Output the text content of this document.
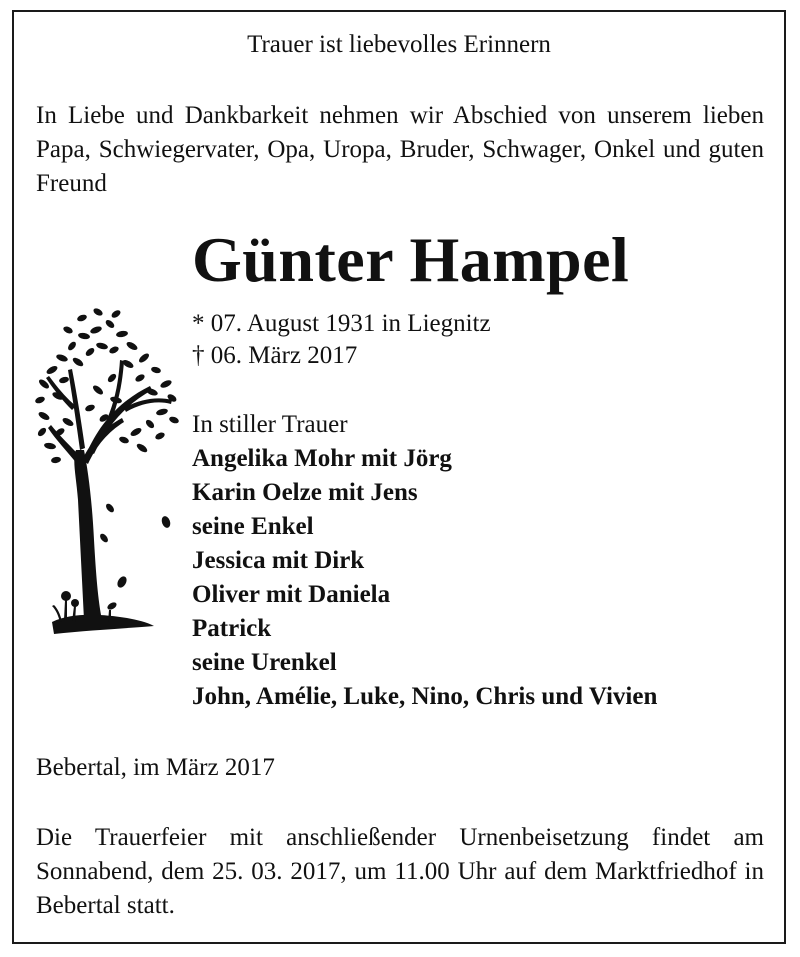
Trauer ist liebevolles Erinnern
In Liebe und Dankbarkeit nehmen wir Abschied von unserem lieben Papa, Schwiegervater, Opa, Uropa, Bruder, Schwager, Onkel und guten Freund
Günter Hampel
* 07. August 1931 in Liegnitz
† 06. März 2017
In stiller Trauer
Angelika Mohr mit Jörg
Karin Oelze mit Jens
seine Enkel
Jessica mit Dirk
Oliver mit Daniela
Patrick
seine Urenkel
John, Amélie, Luke, Nino, Chris und Vivien
Bebertal, im März 2017
Die Trauerfeier mit anschließender Urnenbeisetzung findet am Sonnabend, dem 25. 03. 2017, um 11.00 Uhr auf dem Marktfriedhof in Bebertal statt.
